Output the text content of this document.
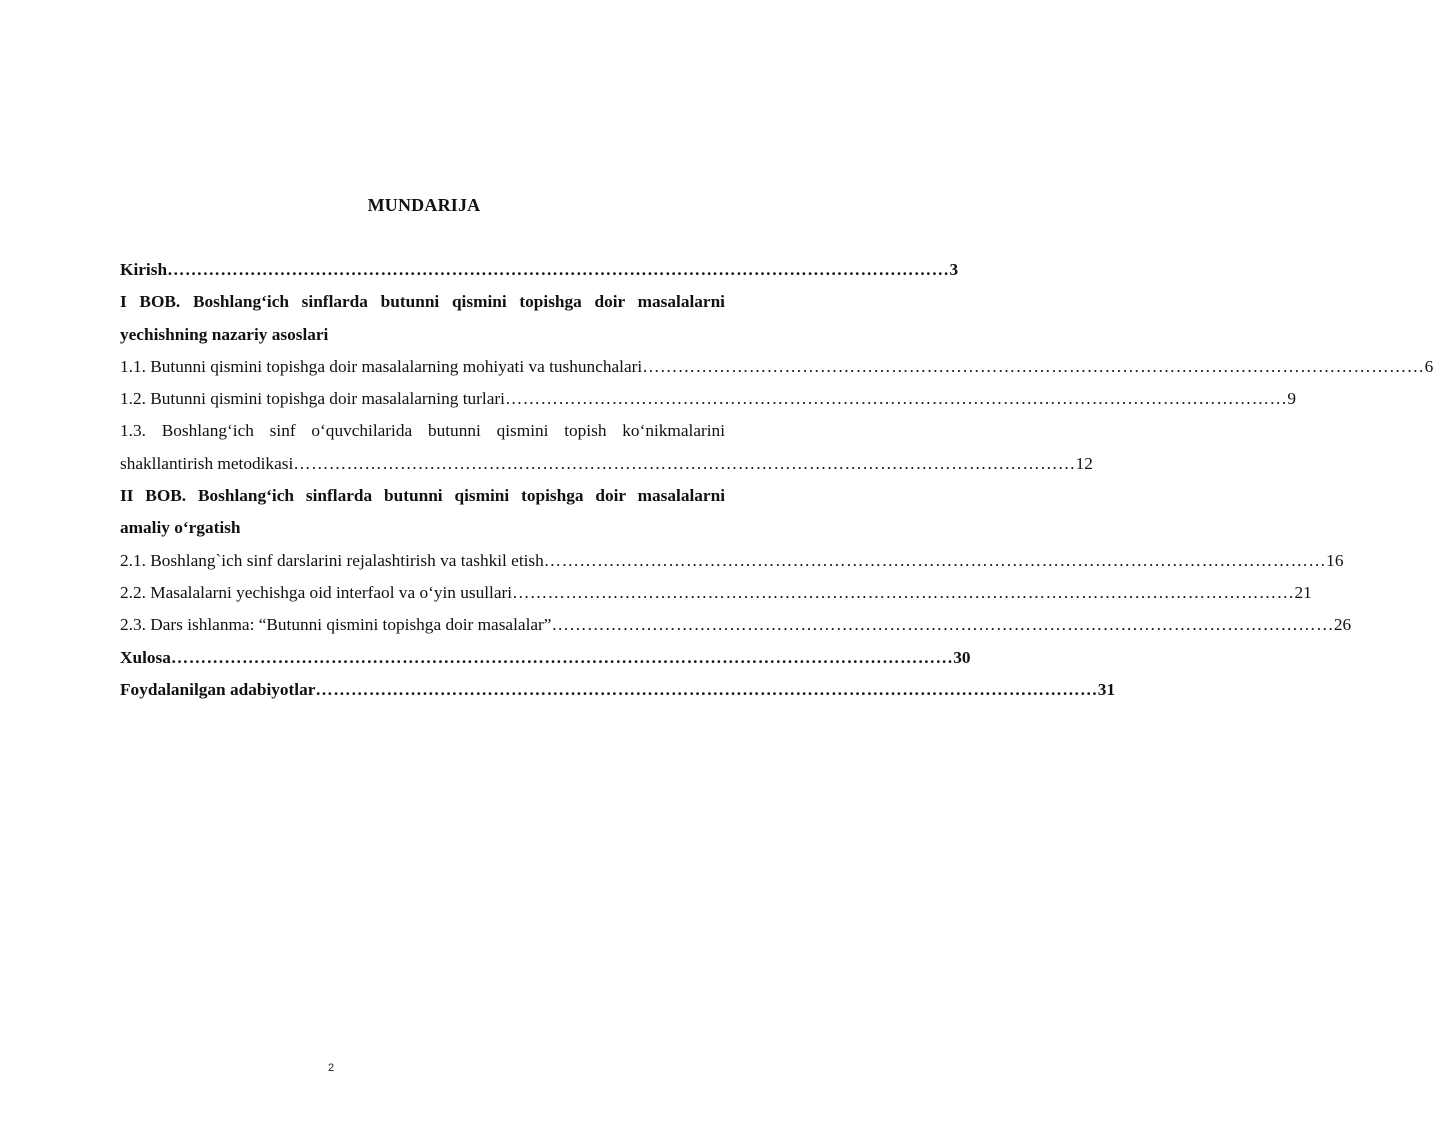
MUNDARIJA
Kirish …………………………………………………………………………………………………………………… 3
I BOB. Boshlang‘ich sinflarda butunni qismini topishga doir masalalarni
yechishning nazariy asoslari
1.1. Butunni qismini topishga doir masalalarning mohiyati va tushunchalari …………………………………………………………………………………………………………………… 6
1.2. Butunni qismini topishga doir masalalarning turlari …………………………………………………………………………………………………………………… 9
1.3. Boshlang‘ich sinf o‘quvchilarida butunni qismini topish ko‘nikmalarini
shakllantirish metodikasi …………………………………………………………………………………………………………………… 12
II BOB. Boshlang‘ich sinflarda butunni qismini topishga doir masalalarni
amaliy o‘rgatish
2.1. Boshlang`ich sinf darslarini rejalashtirish va tashkil etish …………………………………………………………………………………………………………………… 16
2.2. Masalalarni yechishga oid interfaol va o‘yin usullari …………………………………………………………………………………………………………………… 21
2.3. Dars ishlanma: “Butunni qismini topishga doir masalalar” …………………………………………………………………………………………………………………… 26
Xulosa …………………………………………………………………………………………………………………… 30
Foydalanilgan adabiyotlar …………………………………………………………………………………………………………………… 31
2
